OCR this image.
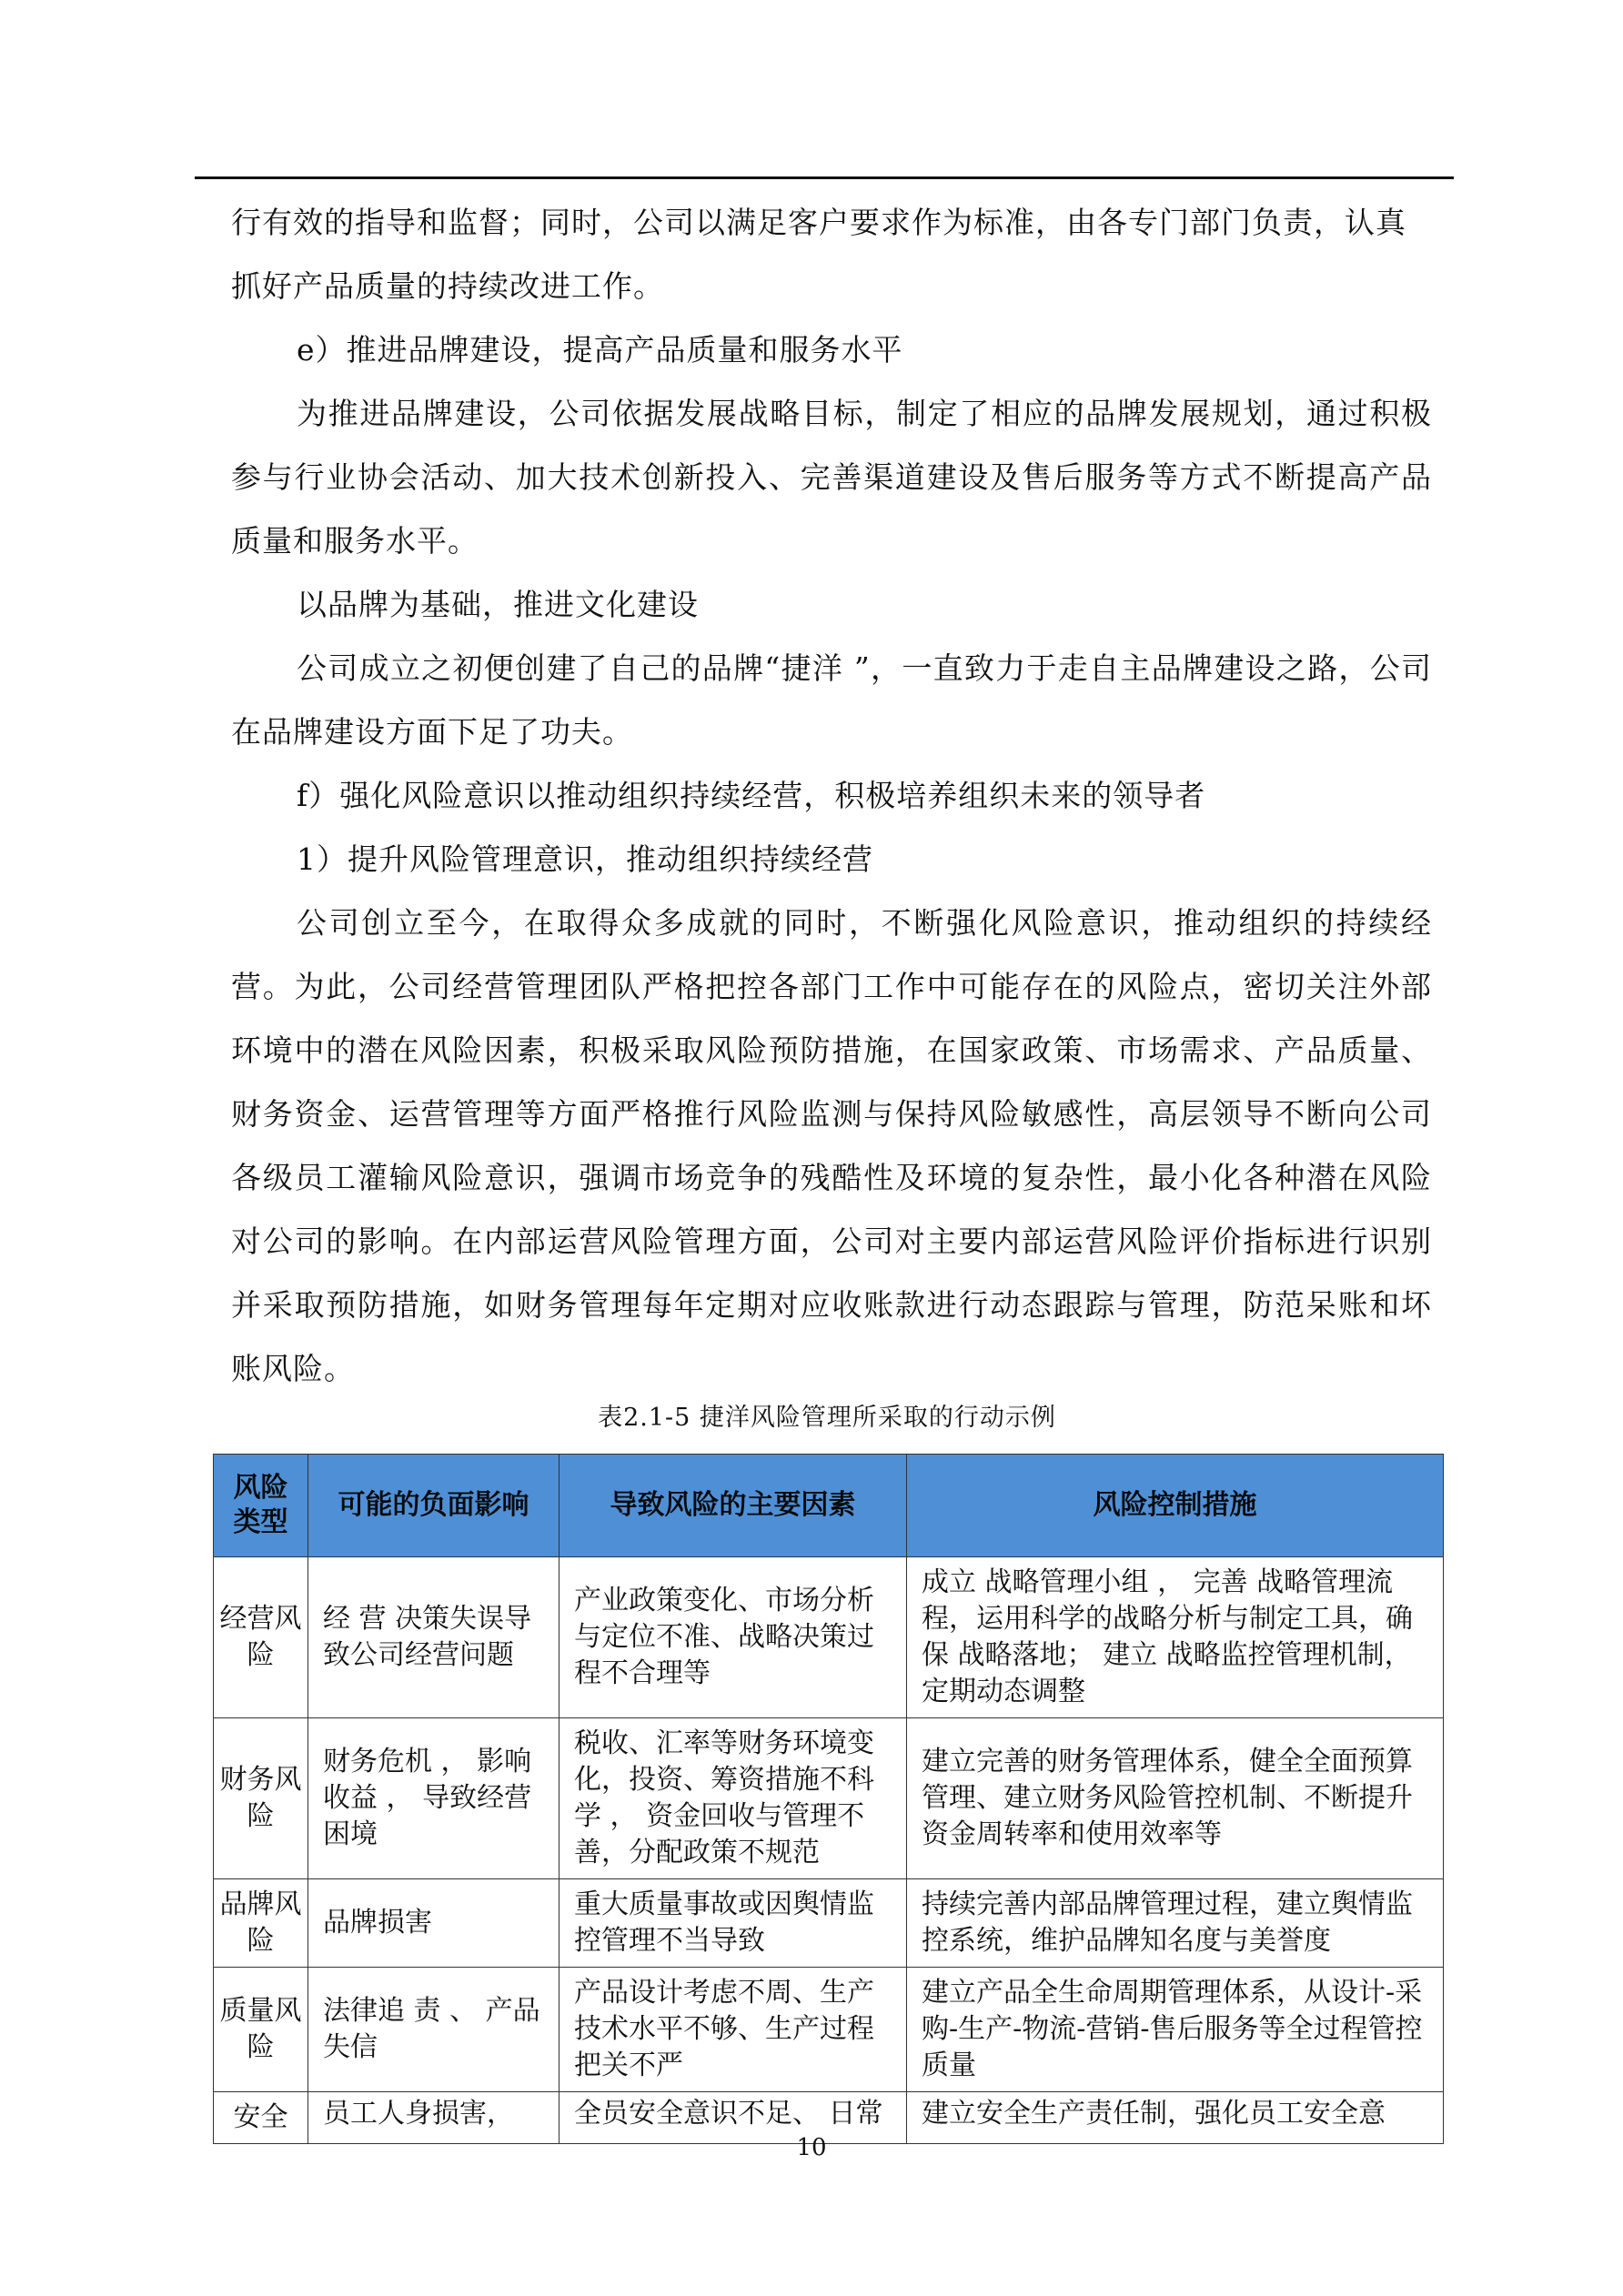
行有效的指导和监督；同时，公司以满足客户要求作为标准，由各专门部门负责，认真抓好产品质量的持续改进工作。

e）推进品牌建设，提高产品质量和服务水平

为推进品牌建设，公司依据发展战略目标，制定了相应的品牌发展规划，通过积极参与行业协会活动、加大技术创新投入、完善渠道建设及售后服务等方式不断提高产品质量和服务水平。

以品牌为基础，推进文化建设

公司成立之初便创建了自己的品牌“捷洋 ”，一直致力于走自主品牌建设之路，公司在品牌建设方面下足了功夫。

f）强化风险意识以推动组织持续经营，积极培养组织未来的领导者

1）提升风险管理意识，推动组织持续经营

公司创立至今，在取得众多成就的同时，不断强化风险意识，推动组织的持续经营。为此，公司经营管理团队严格把控各部门工作中可能存在的风险点，密切关注外部环境中的潜在风险因素，积极采取风险预防措施，在国家政策、市场需求、产品质量、财务资金、运营管理等方面严格推行风险监测与保持风险敏感性，高层领导不断向公司各级员工灌输风险意识，强调市场竞争的残酷性及环境的复杂性，最小化各种潜在风险对公司的影响。在内部运营风险管理方面，公司对主要内部运营风险评价指标进行识别并采取预防措施，如财务管理每年定期对应收账款进行动态跟踪与管理，防范呆账和坏账风险。

表2.1-5 捷洋风险管理所采取的行动示例
风险类型	可能的负面影响	导致风险的主要因素	风险控制措施
经营风险	经 营 决策失误导致公司经营问题	产业政策变化、市场分析与定位不准、战略决策过程不合理等	成立 战略管理小组 ， 完善 战略管理流程，运用科学的战略分析与制定工具，确保 战略落地； 建立 战略监控管理机制，定期动态调整
财务风险	财务危机 ， 影响收益 ， 导致经营困境	税收、汇率等财务环境变化，投资、筹资措施不科学 ， 资金回收与管理不善，分配政策不规范	建立完善的财务管理体系，健全全面预算管理、建立财务风险管控机制、不断提升资金周转率和使用效率等
品牌风险	品牌损害	重大质量事故或因舆情监控管理不当导致	持续完善内部品牌管理过程，建立舆情监控系统，维护品牌知名度与美誉度
质量风险	法律追 责 、 产品失信	产品设计考虑不周、生产技术水平不够、生产过程把关不严	建立产品全生命周期管理体系，从设计-采购-生产-物流-营销-售后服务等全过程管控质量
安全	员工人身损害，	全员安全意识不足、 日常	建立安全生产责任制，强化员工安全意
10
